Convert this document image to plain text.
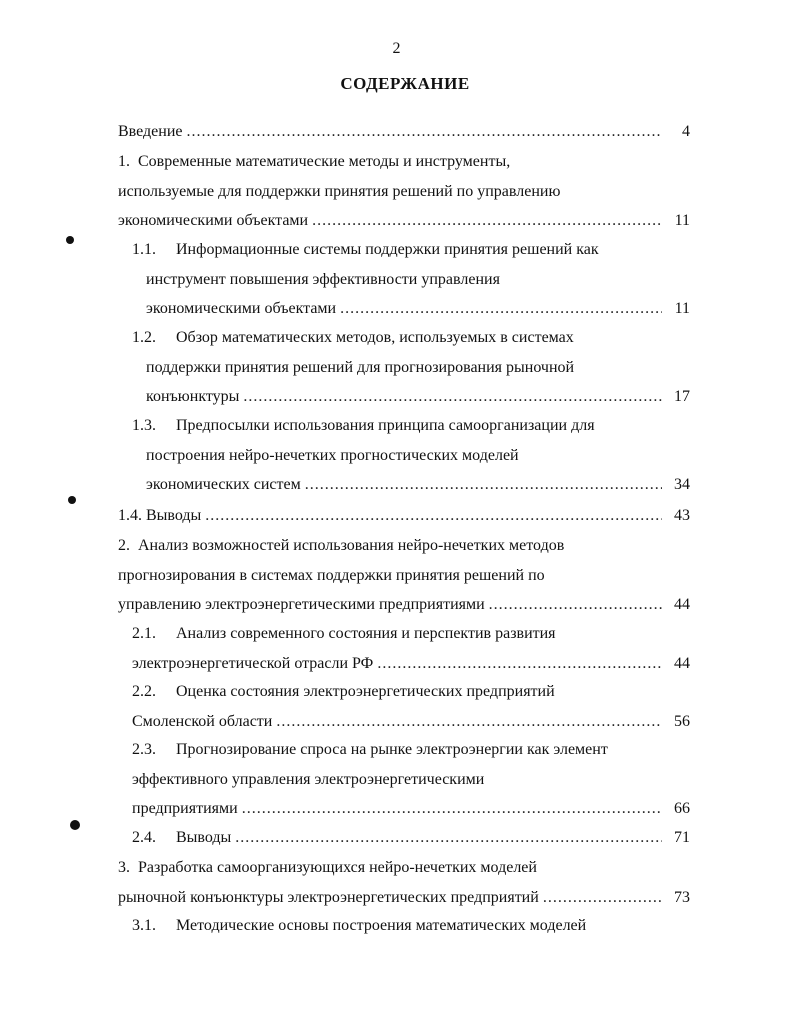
2
СОДЕРЖАНИЕ
Введение .....	4
1. Современные математические методы и инструменты,
используемые для поддержки принятия решений по управлению
экономическими объектами .....	11
1.1.	Информационные системы поддержки принятия решений как
инструмент повышения эффективности управления
экономическими объектами .....	11
1.2.	Обзор математических методов, используемых в системах
поддержки принятия решений для прогнозирования рыночной
конъюнктуры .....	17
1.3.	Предпосылки использования принципа самоорганизации для
построения нейро-нечетких прогностических моделей
экономических систем .....	34
1.4. Выводы .....	43
2. Анализ возможностей использования нейро-нечетких методов
прогнозирования в системах поддержки принятия решений по
управлению электроэнергетическими предприятиями .....	44
2.1.	Анализ современного состояния и перспектив развития
электроэнергетической отрасли РФ .....	44
2.2.	Оценка состояния электроэнергетических предприятий
Смоленской области .....	56
2.3.	Прогнозирование спроса на рынке электроэнергии как элемент
эффективного управления электроэнергетическими
предприятиями .....	66
2.4.	Выводы .....	71
3. Разработка самоорганизующихся нейро-нечетких моделей
рыночной конъюнктуры электроэнергетических предприятий .....	73
3.1.	Методические основы построения математических моделей
